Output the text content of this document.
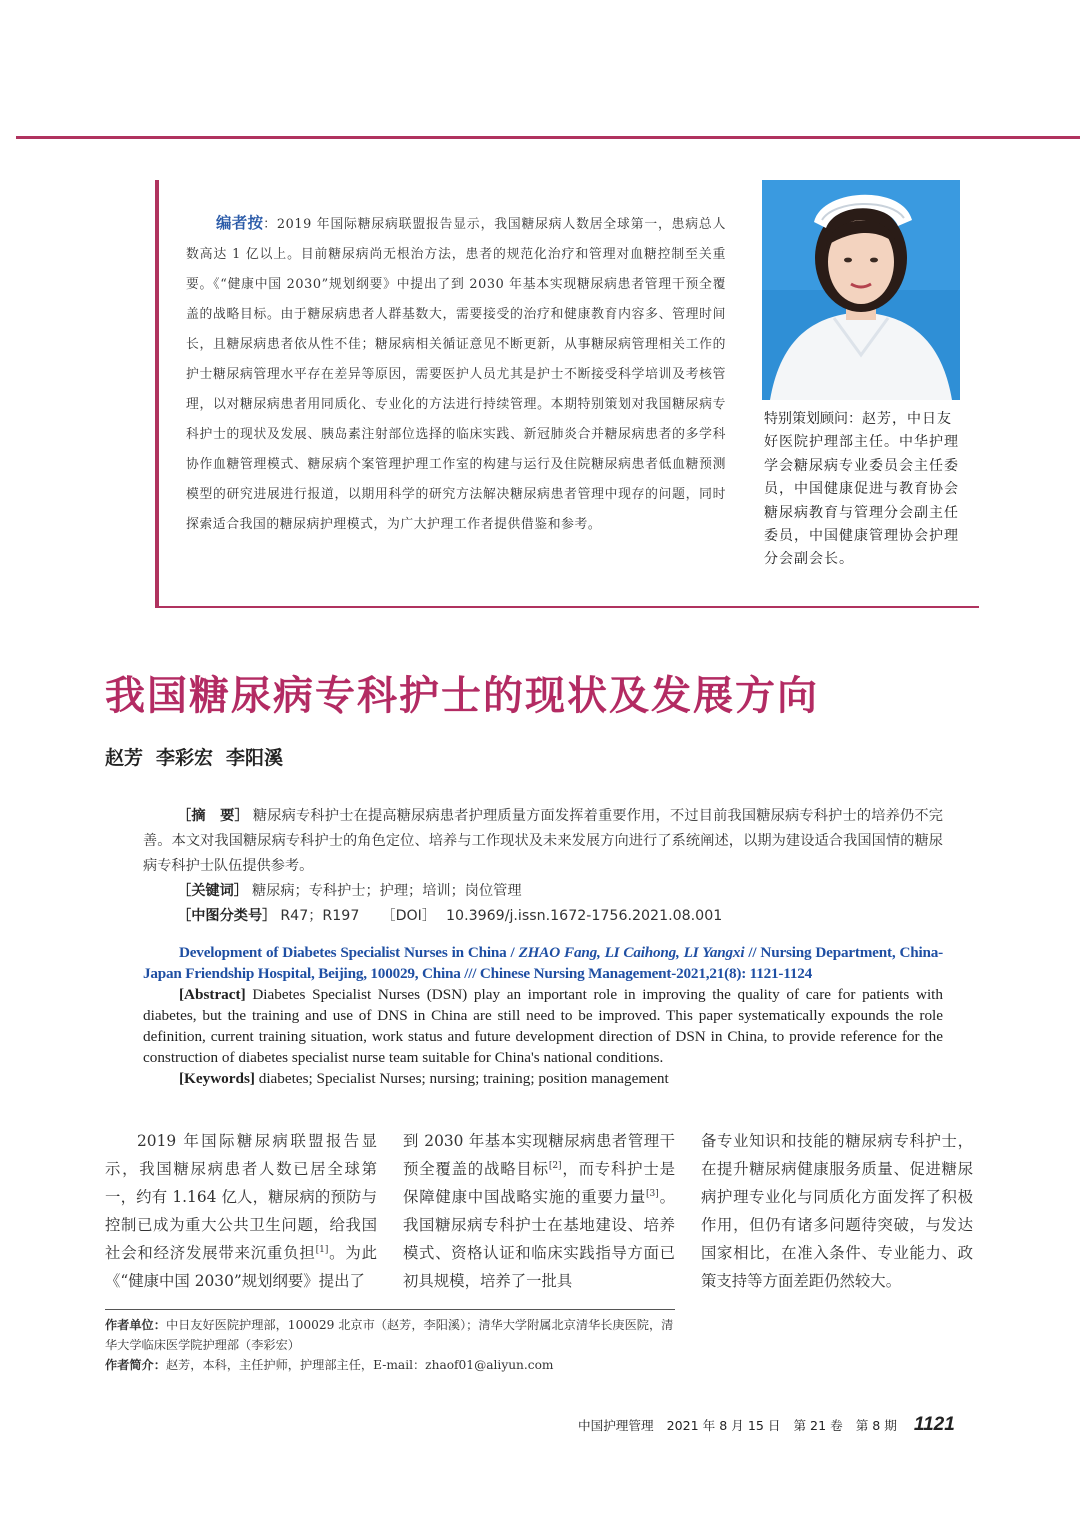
编者按：2019 年国际糖尿病联盟报告显示，我国糖尿病人数居全球第一，患病总人数高达 1 亿以上。目前糖尿病尚无根治方法，患者的规范化治疗和管理对血糖控制至关重要。《“健康中国 2030”规划纲要》中提出了到 2030 年基本实现糖尿病患者管理干预全覆盖的战略目标。由于糖尿病患者人群基数大，需要接受的治疗和健康教育内容多、管理时间长，且糖尿病患者依从性不佳；糖尿病相关循证意见不断更新，从事糖尿病管理相关工作的护士糖尿病管理水平存在差异等原因，需要医护人员尤其是护士不断接受科学培训及考核管理，以对糖尿病患者用同质化、专业化的方法进行持续管理。本期特别策划对我国糖尿病专科护士的现状及发展、胰岛素注射部位选择的临床实践、新冠肺炎合并糖尿病患者的多学科协作血糖管理模式、糖尿病个案管理护理工作室的构建与运行及住院糖尿病患者低血糖预测模型的研究进展进行报道，以期用科学的研究方法解决糖尿病患者管理中现存的问题，同时探索适合我国的糖尿病护理模式，为广大护理工作者提供借鉴和参考。

特别策划顾问：赵芳，中日友好医院护理部主任。中华护理学会糖尿病专业委员会主任委员，中国健康促进与教育协会糖尿病教育与管理分会副主任委员，中国健康管理协会护理分会副会长。

我国糖尿病专科护士的现状及发展方向
赵芳 李彩宏 李阳溪
［摘　要］ 糖尿病专科护士在提高糖尿病患者护理质量方面发挥着重要作用，不过目前我国糖尿病专科护士的培养仍不完善。本文对我国糖尿病专科护士的角色定位、培养与工作现状及未来发展方向进行了系统阐述，以期为建设适合我国国情的糖尿病专科护士队伍提供参考。
［关键词］ 糖尿病；专科护士；护理；培训；岗位管理
［中图分类号］ R47；R197 ［DOI］ 10.3969/j.issn.1672-1756.2021.08.001
Development of Diabetes Specialist Nurses in China / ZHAO Fang, LI Caihong, LI Yangxi // Nursing Department, China-Japan Friendship Hospital, Beijing, 100029, China /// Chinese Nursing Management-2021,21(8): 1121-1124
[Abstract] Diabetes Specialist Nurses (DSN) play an important role in improving the quality of care for patients with diabetes, but the training and use of DNS in China are still need to be improved. This paper systematically expounds the role definition, current training situation, work status and future development direction of DSN in China, to provide reference for the construction of diabetes specialist nurse team suitable for China's national conditions.
[Keywords] diabetes; Specialist Nurses; nursing; training; position management
2019 年国际糖尿病联盟报告显示，我国糖尿病患者人数已居全球第一，约有 1.164 亿人，糖尿病的预防与控制已成为重大公共卫生问题，给我国社会和经济发展带来沉重负担[1]。为此《“健康中国 2030”规划纲要》提出了
到 2030 年基本实现糖尿病患者管理干预全覆盖的战略目标[2]，而专科护士是保障健康中国战略实施的重要力量[3]。我国糖尿病专科护士在基地建设、培养模式、资格认证和临床实践指导方面已初具规模，培养了一批具
备专业知识和技能的糖尿病专科护士，在提升糖尿病健康服务质量、促进糖尿病护理专业化与同质化方面发挥了积极作用，但仍有诸多问题待突破，与发达国家相比，在准入条件、专业能力、政策支持等方面差距仍然较大。
作者单位：中日友好医院护理部，100029 北京市（赵芳，李阳溪）；清华大学附属北京清华长庚医院，清华大学临床医学院护理部（李彩宏）
作者简介：赵芳，本科，主任护师，护理部主任，E-mail：zhaof01@aliyun.com
中国护理管理 2021 年 8 月 15 日 第 21 卷 第 8 期 1121
